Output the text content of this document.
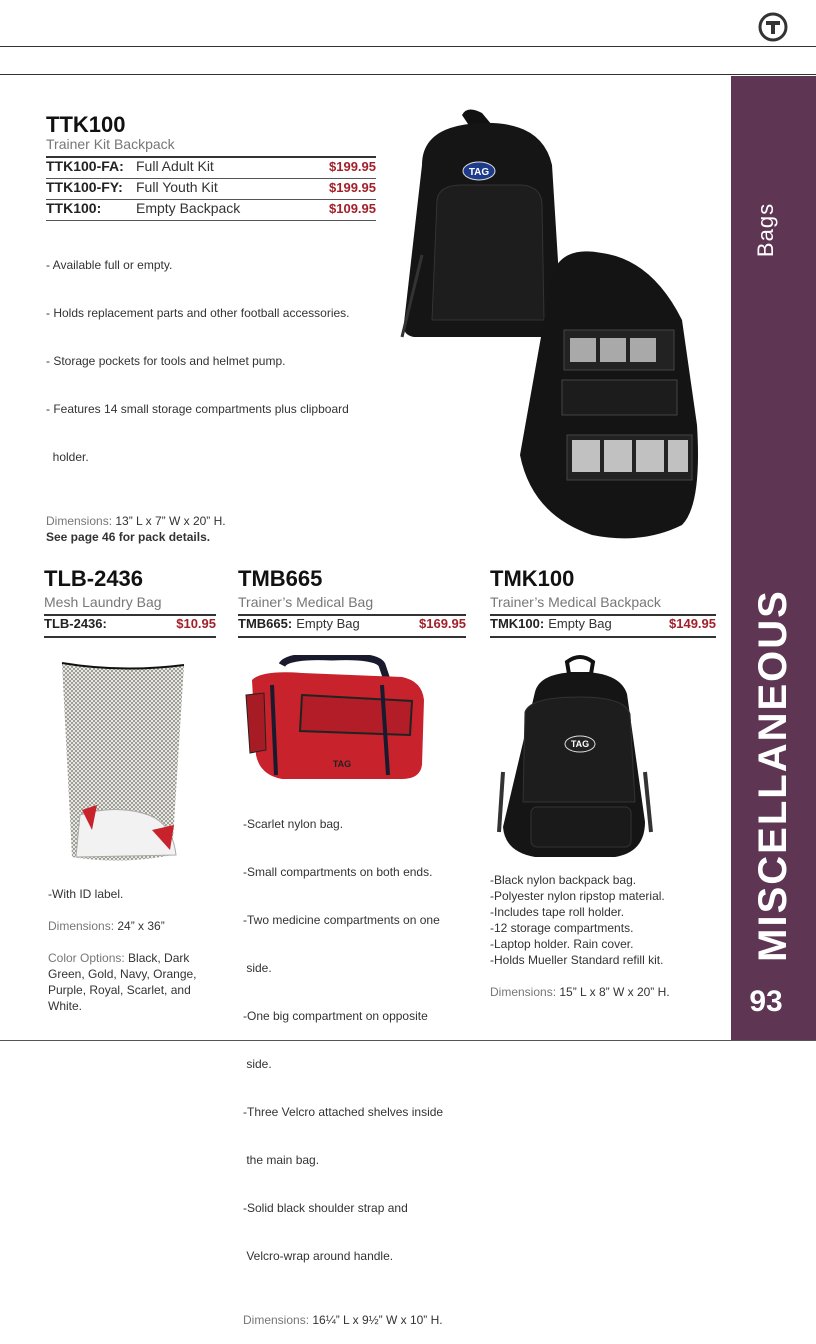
Bags
MISCELLANEOUS
93
TTK100
Trainer Kit Backpack
TTK100-FA: Full Adult Kit	$199.95
TTK100-FY: Full Youth Kit	$199.95
TTK100:	Empty Backpack	$109.95

- Available full or empty.

- Holds replacement parts and other football accessories.

- Storage pockets for tools and helmet pump.

- Features 14 small storage compartments plus clipboard

holder.

Dimensions: 13” L x 7” W x 20” H.
See page 46 for pack details.
TAG
TLB-2436
Mesh Laundry Bag
TLB-2436:	$10.95
-With ID label.
Dimensions: 24” x 36”
Color Options: Black, Dark Green, Gold, Navy, Orange, Purple, Royal, Scarlet, and White.
TMB665
Trainer’s Medical Bag
TMB665: Empty Bag	$169.95
TAG

-Scarlet nylon bag.

-Small compartments on both ends.

-Two medicine compartments on one

side.

-One big compartment on opposite

side.

-Three Velcro attached shelves inside

the main bag.

-Solid black shoulder strap and

Velcro-wrap around handle.

Dimensions: 16¼” L x 9½” W x 10” H.

TMK100
Trainer’s Medical Backpack
TMK100: Empty Bag	$149.95
TAG
-Black nylon backpack bag.
-Polyester nylon ripstop material.
-Includes tape roll holder.
-12 storage compartments.
-Laptop holder. Rain cover.
-Holds Mueller Standard refill kit.
Dimensions: 15” L x 8” W x 20” H.
